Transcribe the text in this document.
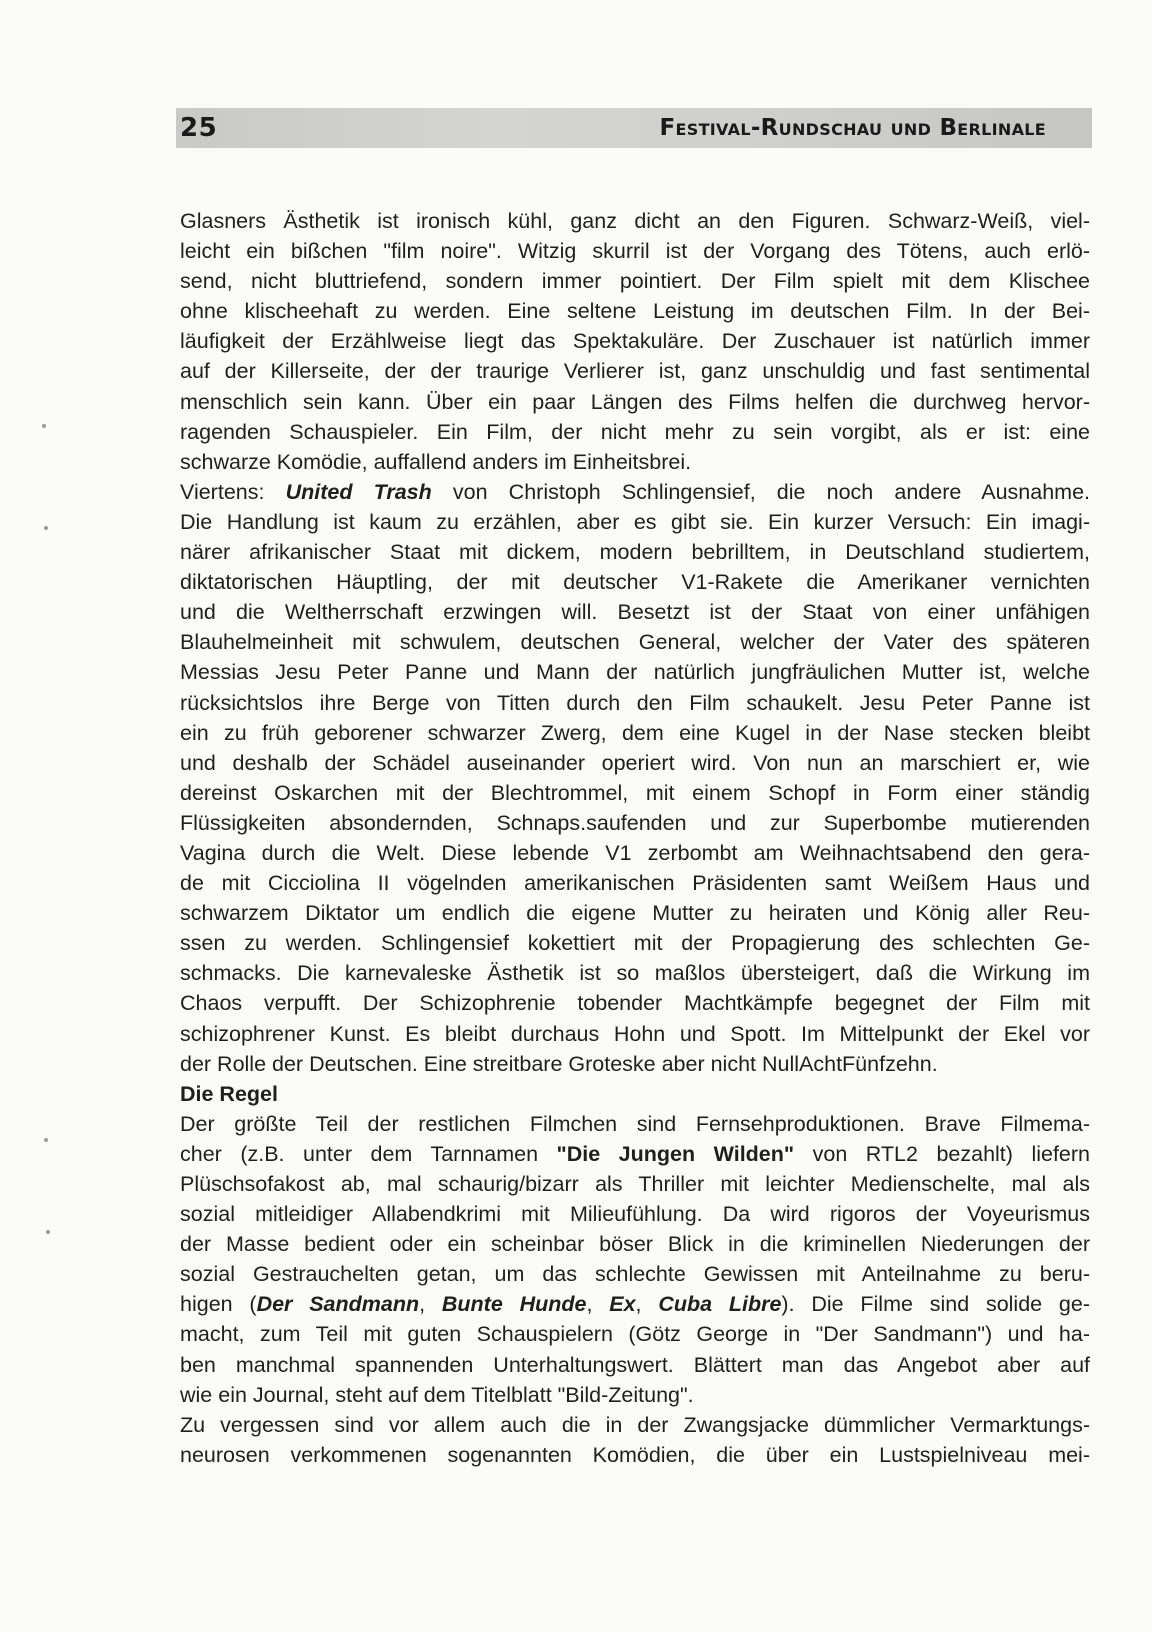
25	Festival-Rundschau und Berlinale
Glasners Ästhetik ist ironisch kühl, ganz dicht an den Figuren. Schwarz-Weiß, viel-
leicht ein bißchen "film noire". Witzig skurril ist der Vorgang des Tötens, auch erlö-
send, nicht bluttriefend, sondern immer pointiert. Der Film spielt mit dem Klischee
ohne klischeehaft zu werden. Eine seltene Leistung im deutschen Film. In der Bei-
läufigkeit der Erzählweise liegt das Spektakuläre. Der Zuschauer ist natürlich immer
auf der Killerseite, der der traurige Verlierer ist, ganz unschuldig und fast sentimental
menschlich sein kann. Über ein paar Längen des Films helfen die durchweg hervor-
ragenden Schauspieler. Ein Film, der nicht mehr zu sein vorgibt, als er ist: eine
schwarze Komödie, auffallend anders im Einheitsbrei.
Viertens: United Trash von Christoph Schlingensief, die noch andere Ausnahme.
Die Handlung ist kaum zu erzählen, aber es gibt sie. Ein kurzer Versuch: Ein imagi-
närer afrikanischer Staat mit dickem, modern bebrilltem, in Deutschland studiertem,
diktatorischen Häuptling, der mit deutscher V1-Rakete die Amerikaner vernichten
und die Weltherrschaft erzwingen will. Besetzt ist der Staat von einer unfähigen
Blauhelmeinheit mit schwulem, deutschen General, welcher der Vater des späteren
Messias Jesu Peter Panne und Mann der natürlich jungfräulichen Mutter ist, welche
rücksichtslos ihre Berge von Titten durch den Film schaukelt. Jesu Peter Panne ist
ein zu früh geborener schwarzer Zwerg, dem eine Kugel in der Nase stecken bleibt
und deshalb der Schädel auseinander operiert wird. Von nun an marschiert er, wie
dereinst Oskarchen mit der Blechtrommel, mit einem Schopf in Form einer ständig
Flüssigkeiten absondernden, Schnaps.saufenden und zur Superbombe mutierenden
Vagina durch die Welt. Diese lebende V1 zerbombt am Weihnachtsabend den gera-
de mit Cicciolina II vögelnden amerikanischen Präsidenten samt Weißem Haus und
schwarzem Diktator um endlich die eigene Mutter zu heiraten und König aller Reu-
ssen zu werden. Schlingensief kokettiert mit der Propagierung des schlechten Ge-
schmacks. Die karnevaleske Ästhetik ist so maßlos übersteigert, daß die Wirkung im
Chaos verpufft. Der Schizophrenie tobender Machtkämpfe begegnet der Film mit
schizophrener Kunst. Es bleibt durchaus Hohn und Spott. Im Mittelpunkt der Ekel vor
der Rolle der Deutschen. Eine streitbare Groteske aber nicht NullAchtFünfzehn.
Die Regel
Der größte Teil der restlichen Filmchen sind Fernsehproduktionen. Brave Filmema-
cher (z.B. unter dem Tarnnamen "Die Jungen Wilden" von RTL2 bezahlt) liefern
Plüschsofakost ab, mal schaurig/bizarr als Thriller mit leichter Medienschelte, mal als
sozial mitleidiger Allabendkrimi mit Milieufühlung. Da wird rigoros der Voyeurismus
der Masse bedient oder ein scheinbar böser Blick in die kriminellen Niederungen der
sozial Gestrauchelten getan, um das schlechte Gewissen mit Anteilnahme zu beru-
higen (Der Sandmann, Bunte Hunde, Ex, Cuba Libre). Die Filme sind solide ge-
macht, zum Teil mit guten Schauspielern (Götz George in "Der Sandmann") und ha-
ben manchmal spannenden Unterhaltungswert. Blättert man das Angebot aber auf
wie ein Journal, steht auf dem Titelblatt "Bild-Zeitung".
Zu vergessen sind vor allem auch die in der Zwangsjacke dümmlicher Vermarktungs-
neurosen verkommenen sogenannten Komödien, die über ein Lustspielniveau mei-
